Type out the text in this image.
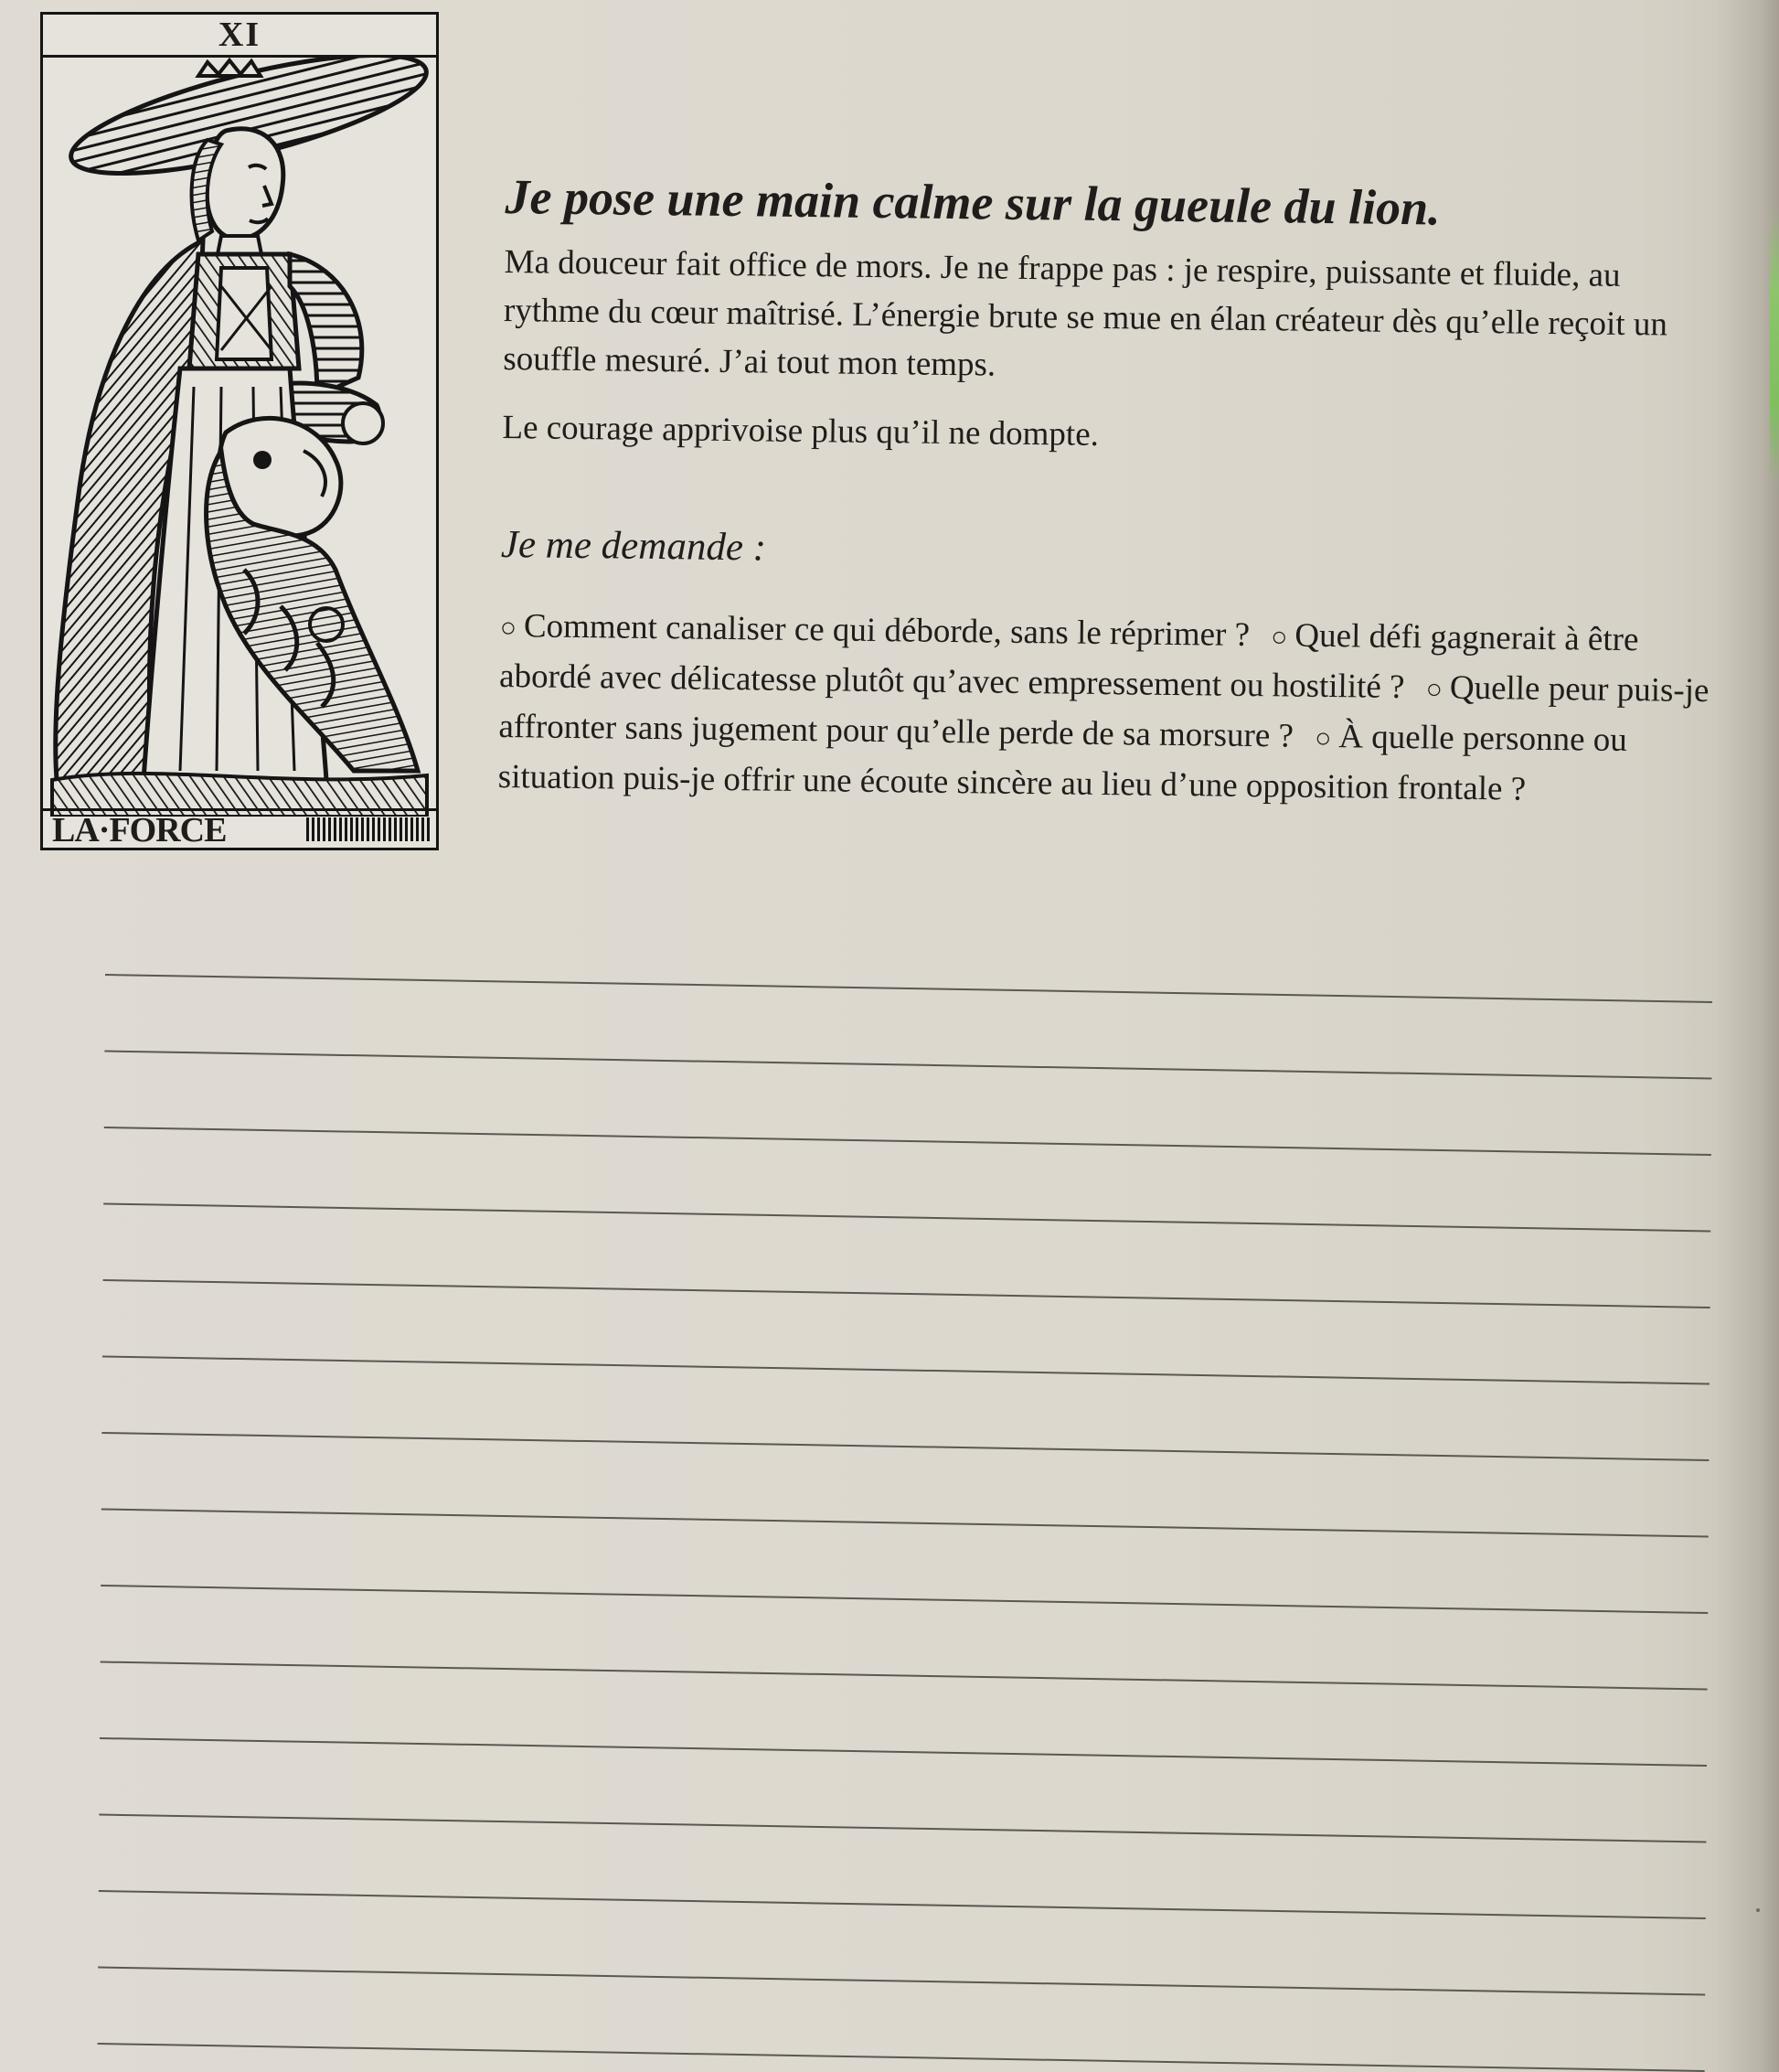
XI
LA·FORCE
Je pose une main calme sur la gueule du lion.

Ma douceur fait office de mors. Je ne frappe pas : je respire, puissante et fluide, au rythme du cœur maîtrisé. L’énergie brute se mue en élan créateur dès qu’elle reçoit un souffle mesuré. J’ai tout mon temps.

Le courage apprivoise plus qu’il ne dompte.

Je me demande :

○ Comment canaliser ce qui déborde, sans le réprimer ? ○ Quel défi gagnerait à être abordé avec délicatesse plutôt qu’avec empressement ou hostilité ? ○ Quelle peur puis-je affronter sans jugement pour qu’elle perde de sa morsure ? ○ À quelle personne ou situation puis-je offrir une écoute sincère au lieu d’une opposition frontale ?
